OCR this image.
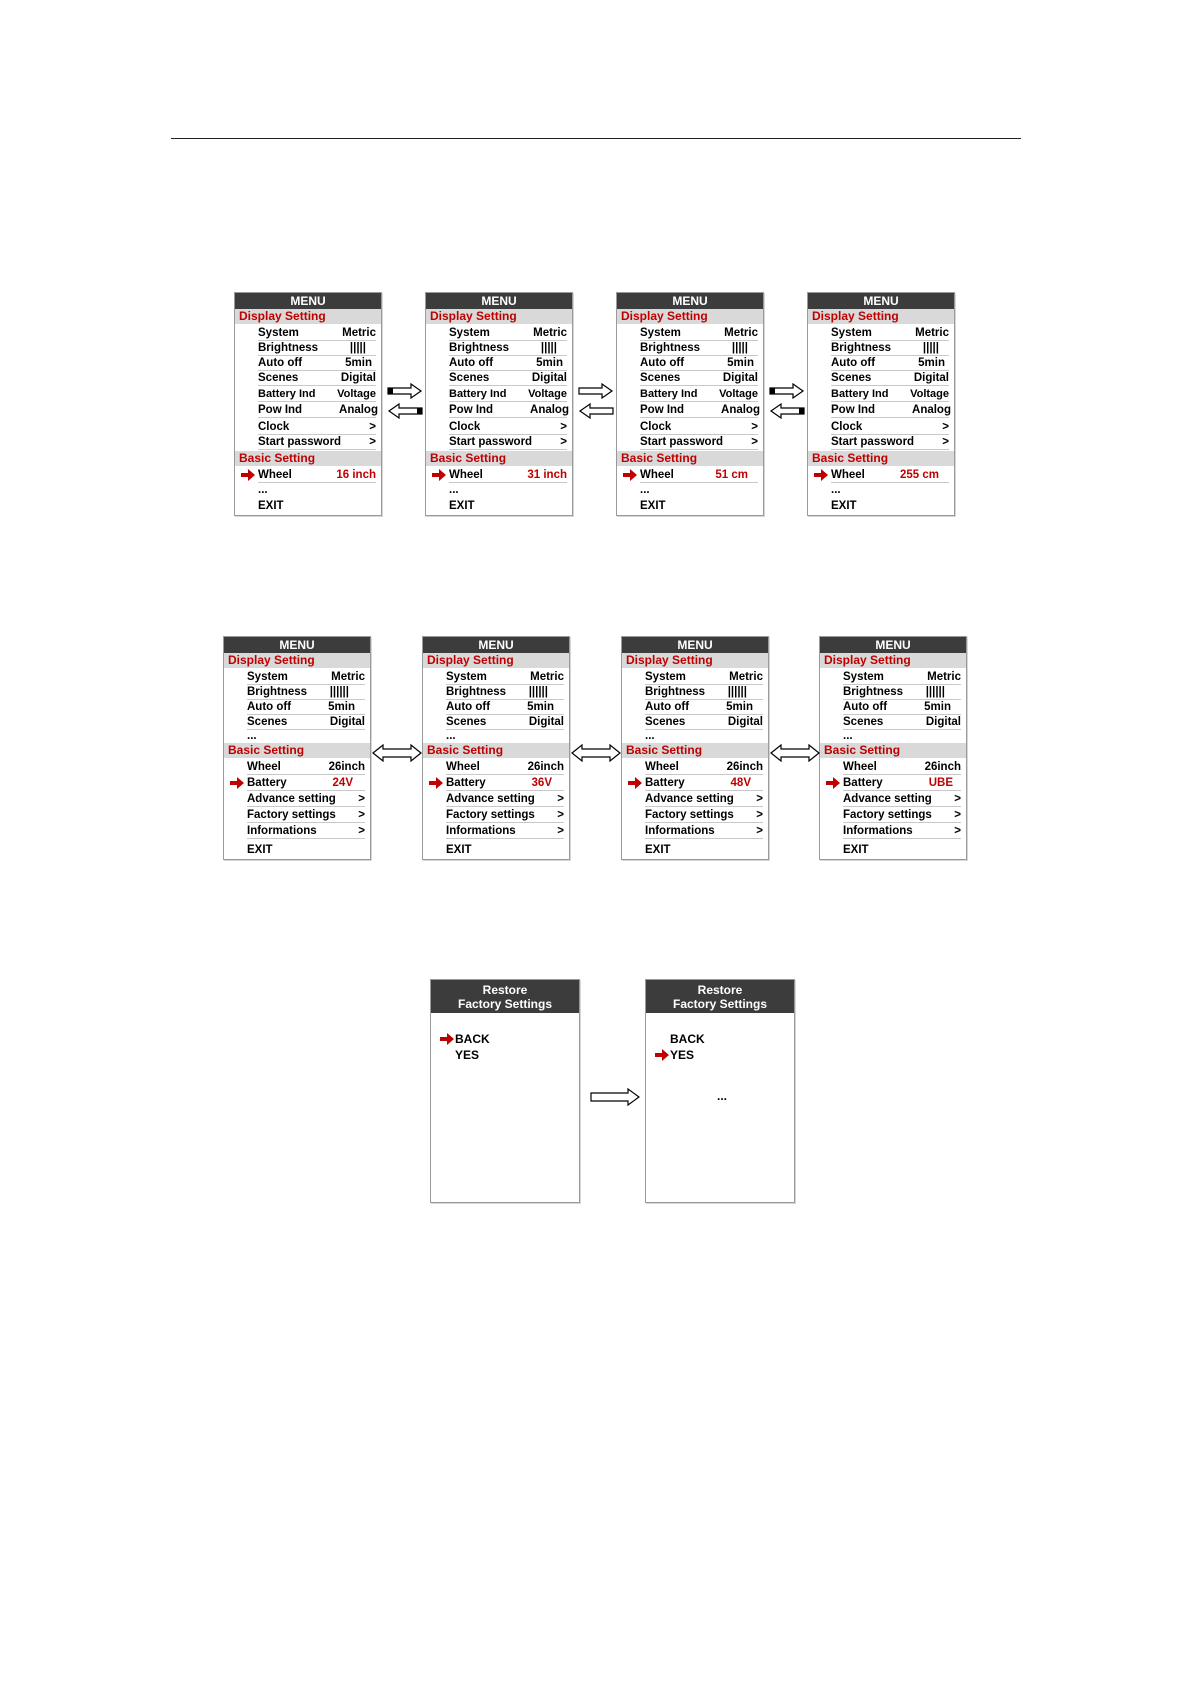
MENU
Display Setting
System	Metric
Brightness	|||||
Auto off	5min
Scenes	Digital
Battery Ind Voltage
Pow Ind	Analog
Clock	>
Start password >
Basic Setting
Wheel	16 inch
...
EXIT
MENU
Display Setting
System	Metric
Brightness	|||||
Auto off	5min
Scenes	Digital
Battery Ind Voltage
Pow Ind	Analog
Clock	>
Start password >
Basic Setting
Wheel	31 inch
...
EXIT
MENU
Display Setting
System	Metric
Brightness	|||||
Auto off	5min
Scenes	Digital
Battery Ind Voltage
Pow Ind	Analog
Clock	>
Start password >
Basic Setting
Wheel	51 cm
...
EXIT
MENU
Display Setting
System	Metric
Brightness	|||||
Auto off	5min
Scenes	Digital
Battery Ind Voltage
Pow Ind	Analog
Clock	>
Start password >
Basic Setting
Wheel	255 cm
...
EXIT
MENU
Display Setting
System	Metric
Brightness ||||||
Auto off	5min
Scenes	Digital
...
Basic Setting
Wheel	26inch
Battery	24V
Advance setting >
Factory settings >
Informations	>
EXIT
MENU
Display Setting
System	Metric
Brightness ||||||
Auto off	5min
Scenes	Digital
...
Basic Setting
Wheel	26inch
Battery	36V
Advance setting >
Factory settings >
Informations	>
EXIT
MENU
Display Setting
System	Metric
Brightness ||||||
Auto off	5min
Scenes	Digital
...
Basic Setting
Wheel	26inch
Battery	48V
Advance setting >
Factory settings >
Informations	>
EXIT
MENU
Display Setting
System	Metric
Brightness ||||||
Auto off	5min
Scenes	Digital
...
Basic Setting
Wheel	26inch
Battery	UBE
Advance setting >
Factory settings >
Informations	>
EXIT
Restore
Factory Settings
BACK
YES
Restore
Factory Settings
BACK
YES
...
